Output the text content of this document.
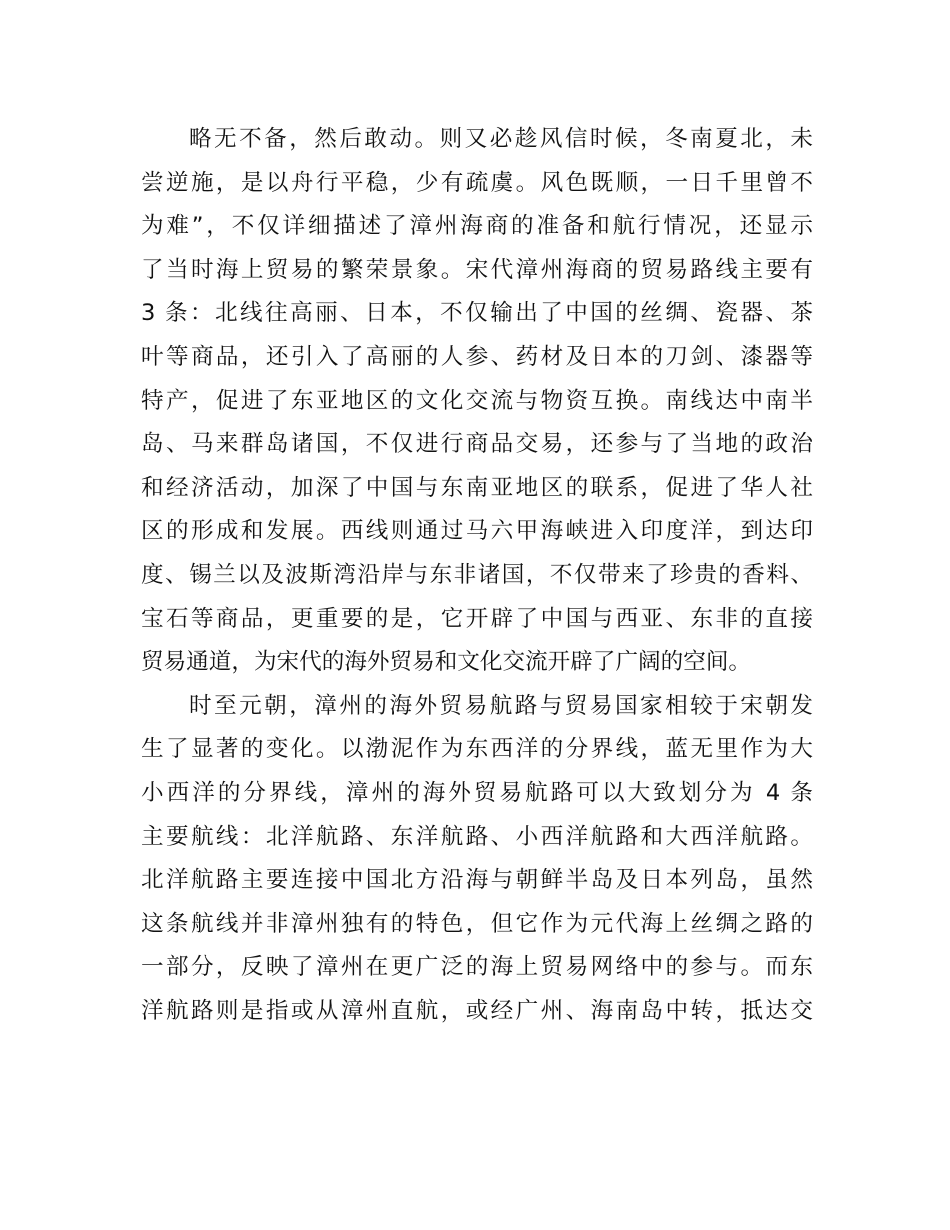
略无不备，然后敢动。则又必趁风信时候，冬南夏北，未
尝逆施，是以舟行平稳，少有疏虞。风色既顺，一日千里曾不
为难”，不仅详细描述了漳州海商的准备和航行情况，还显示
了当时海上贸易的繁荣景象。宋代漳州海商的贸易路线主要有
3 条：北线往高丽、日本，不仅输出了中国的丝绸、瓷器、茶
叶等商品，还引入了高丽的人参、药材及日本的刀剑、漆器等
特产，促进了东亚地区的文化交流与物资互换。南线达中南半
岛、马来群岛诸国，不仅进行商品交易，还参与了当地的政治
和经济活动，加深了中国与东南亚地区的联系，促进了华人社
区的形成和发展。西线则通过马六甲海峡进入印度洋，到达印
度、锡兰以及波斯湾沿岸与东非诸国，不仅带来了珍贵的香料、
宝石等商品，更重要的是，它开辟了中国与西亚、东非的直接
贸易通道，为宋代的海外贸易和文化交流开辟了广阔的空间。
时至元朝，漳州的海外贸易航路与贸易国家相较于宋朝发
生了显著的变化。以渤泥作为东西洋的分界线，蓝无里作为大
小西洋的分界线，漳州的海外贸易航路可以大致划分为 4 条
主要航线：北洋航路、东洋航路、小西洋航路和大西洋航路。
北洋航路主要连接中国北方沿海与朝鲜半岛及日本列岛，虽然
这条航线并非漳州独有的特色，但它作为元代海上丝绸之路的
一部分，反映了漳州在更广泛的海上贸易网络中的参与。而东
洋航路则是指或从漳州直航，或经广州、海南岛中转，抵达交
